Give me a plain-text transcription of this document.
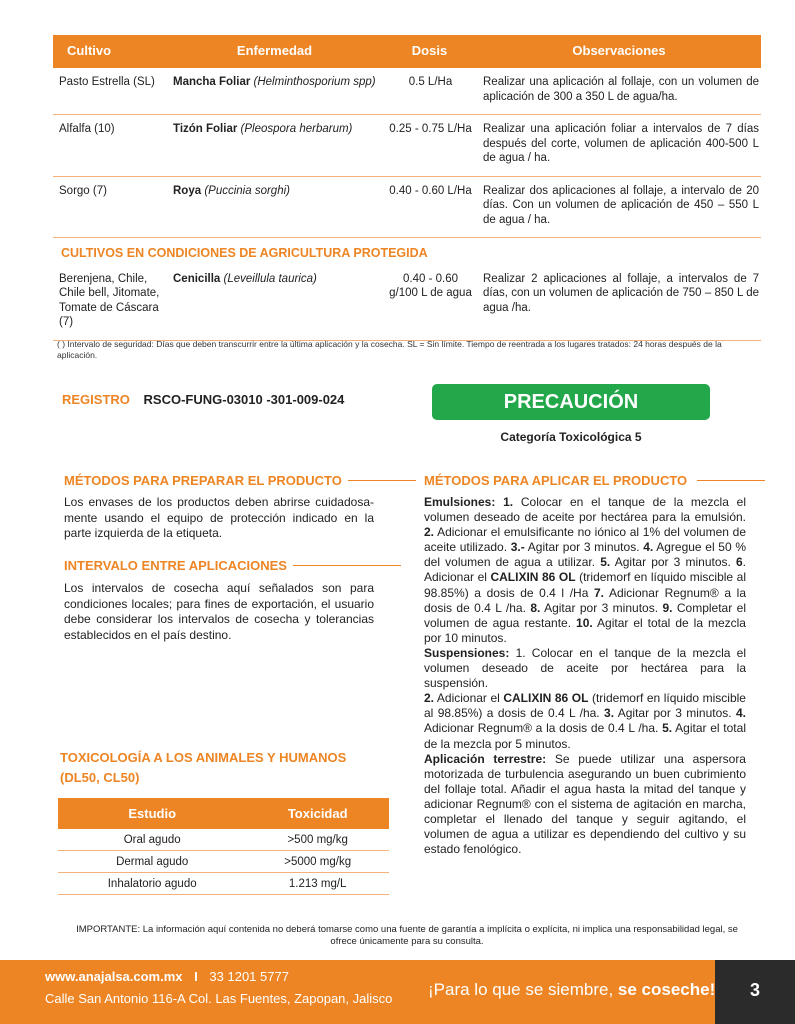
Cultivo	Enfermedad	Dosis	Observaciones
Pasto Estrella (SL)	Mancha Foliar (Helminthosporium spp)	0.5 L/Ha	Realizar una aplicación al follaje, con un volumen de aplicación de 300 a 350 L de agua/ha.
Alfalfa (10)	Tizón Foliar (Pleospora herbarum)	0.25 - 0.75 L/Ha	Realizar una aplicación foliar a intervalos de 7 días después del corte, volumen de aplicación 400-500 L de agua / ha.
Sorgo (7)	Roya (Puccinia sorghi)	0.40 - 0.60 L/Ha	Realizar dos aplicaciones al follaje, a intervalo de 20 días. Con un volumen de aplicación de 450 – 550 L de agua / ha.
CULTIVOS EN CONDICIONES DE AGRICULTURA PROTEGIDA			
Berenjena, Chile, Chile bell, Jitomate, Tomate de Cáscara (7)	Cenicilla (Leveillula taurica)	0.40 - 0.60 g/100 L de agua	Realizar 2 aplicaciones al follaje, a intervalos de 7 días, con un volumen de aplicación de 750 – 850 L de agua /ha.
( ) Intervalo de seguridad: Días que deben transcurrir entre la última aplicación y la cosecha. SL = Sin límite. Tiempo de reentrada a los lugares tratados: 24 horas después de la aplicación.
REGISTRO RSCO-FUNG-03010 -301-009-024	PRECAUCIÓN
Categoría Toxicológica 5
MÉTODOS PARA PREPARAR EL PRODUCTO
Los envases de los productos deben abrirse cuidadosa-mente usando el equipo de protección indicado en la parte izquierda de la etiqueta.
INTERVALO ENTRE APLICACIONES
Los intervalos de cosecha aquí señalados son para condiciones locales; para fines de exportación, el usuario debe considerar los intervalos de cosecha y tolerancias establecidos en el país destino.
TOXICOLOGÍA A LOS ANIMALES Y HUMANOS
(DL50, CL50)
Estudio	Toxicidad
Oral agudo	>500 mg/kg
Dermal agudo	>5000 mg/kg
Inhalatorio agudo	1.213 mg/L
MÉTODOS PARA APLICAR EL PRODUCTO
Emulsiones: 1. Colocar en el tanque de la mezcla el volumen deseado de aceite por hectárea para la emulsión. 2. Adicionar el emulsificante no iónico al 1% del volumen de aceite utilizado. 3.- Agitar por 3 minutos. 4. Agregue el 50 % del volumen de agua a utilizar. 5. Agitar por 3 minutos. 6. Adicionar el CALIXIN 86 OL (tridemorf en líquido miscible al 98.85%) a dosis de 0.4 l /Ha 7. Adicionar Regnum® a la dosis de 0.4 L /ha. 8. Agitar por 3 minutos. 9. Completar el volumen de agua restante. 10. Agitar el total de la mezcla por 10 minutos.
Suspensiones: 1. Colocar en el tanque de la mezcla el volumen deseado de aceite por hectárea para la suspensión.
2. Adicionar el CALIXIN 86 OL (tridemorf en líquido miscible al 98.85%) a dosis de 0.4 L /ha. 3. Agitar por 3 minutos. 4. Adicionar Regnum® a la dosis de 0.4 L /ha. 5. Agitar el total de la mezcla por 5 minutos.
Aplicación terrestre: Se puede utilizar una aspersora motorizada de turbulencia asegurando un buen cubrimiento del follaje total. Añadir el agua hasta la mitad del tanque y adicionar Regnum® con el sistema de agitación en marcha, completar el llenado del tanque y seguir agitando, el volumen de agua a utilizar es dependiendo del cultivo y su estado fenológico.
IMPORTANTE: La información aquí contenida no deberá tomarse como una fuente de garantía a implícita o explícita, ni implica una responsabilidad legal, se ofrece únicamente para su consulta.
www.anajalsa.com.mx I 33 1201 5777
Calle San Antonio 116-A Col. Las Fuentes, Zapopan, Jalisco ¡Para lo que se siembre, se coseche!	3
